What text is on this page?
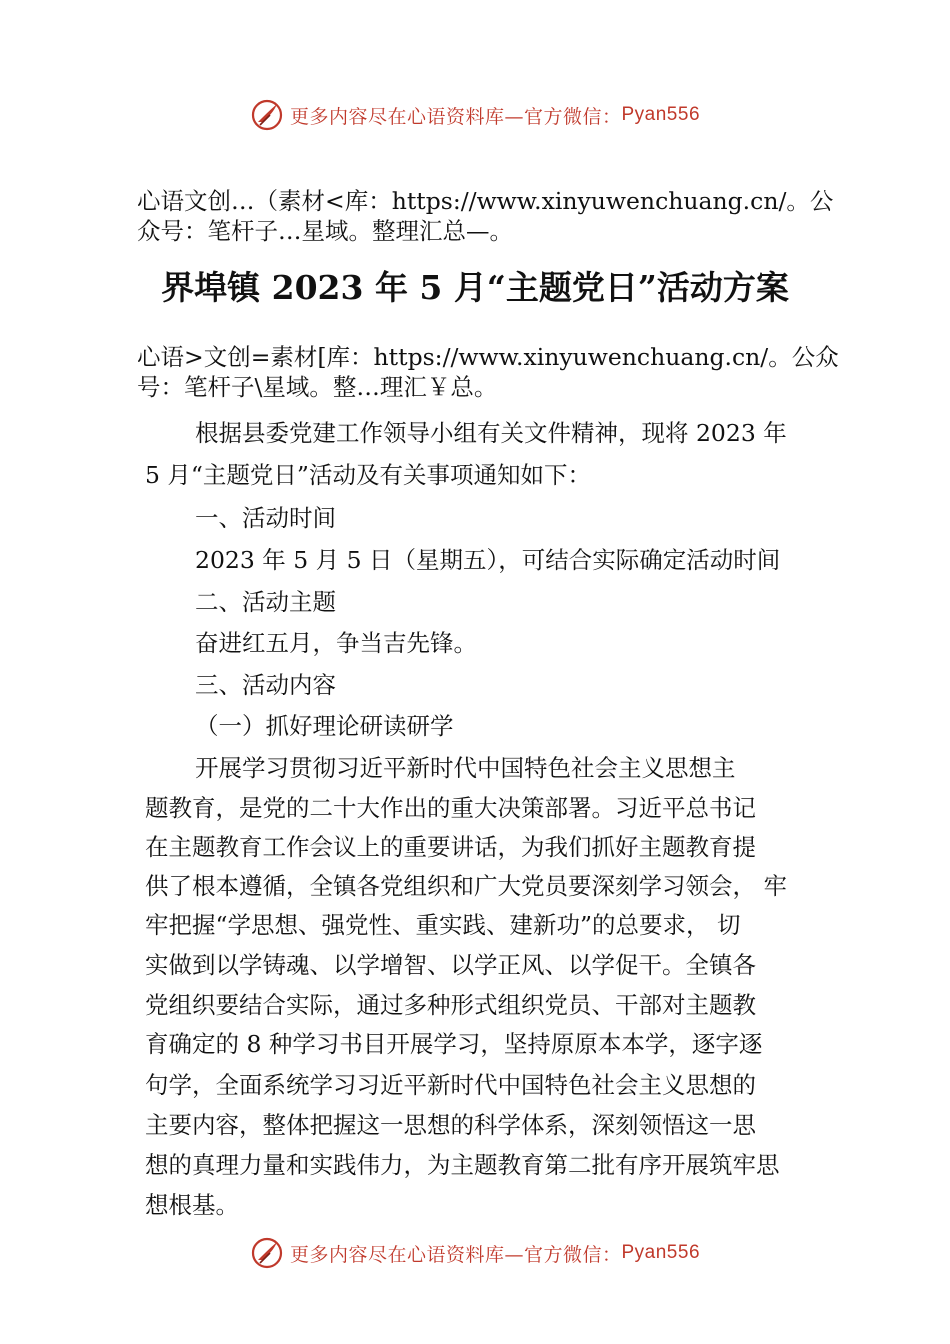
更多内容尽在心语资料库—官方微信： Pyan556
心语文创…（素材<库：https://www.xinyuwenchuang.cn/。公
众号：笔杆子…星域。整理汇总—。
界埠镇 2023 年 5 月“主题党日”活动方案
心语>文创=素材[库：https://www.xinyuwenchuang.cn/。公众
号：笔杆子\星域。整…理汇￥总。
根据县委党建工作领导小组有关文件精神，现将 2023 年
5 月“主题党日”活动及有关事项通知如下：
一、活动时间
2023 年 5 月 5 日（星期五），可结合实际确定活动时间
二、活动主题
奋进红五月，争当吉先锋。
三、活动内容
（一）抓好理论研读研学
开展学习贯彻习近平新时代中国特色社会主义思想主
题教育，是党的二十大作出的重大决策部署。习近平总书记
在主题教育工作会议上的重要讲话，为我们抓好主题教育提
供了根本遵循，全镇各党组织和广大党员要深刻学习领会， 牢
牢把握“学思想、强党性、重实践、建新功”的总要求， 切
实做到以学铸魂、以学增智、以学正风、以学促干。全镇各
党组织要结合实际，通过多种形式组织党员、干部对主题教
育确定的 8 种学习书目开展学习，坚持原原本本学，逐字逐
句学，全面系统学习习近平新时代中国特色社会主义思想的
主要内容，整体把握这一思想的科学体系，深刻领悟这一思
想的真理力量和实践伟力，为主题教育第二批有序开展筑牢思
想根基。
更多内容尽在心语资料库—官方微信： Pyan556
